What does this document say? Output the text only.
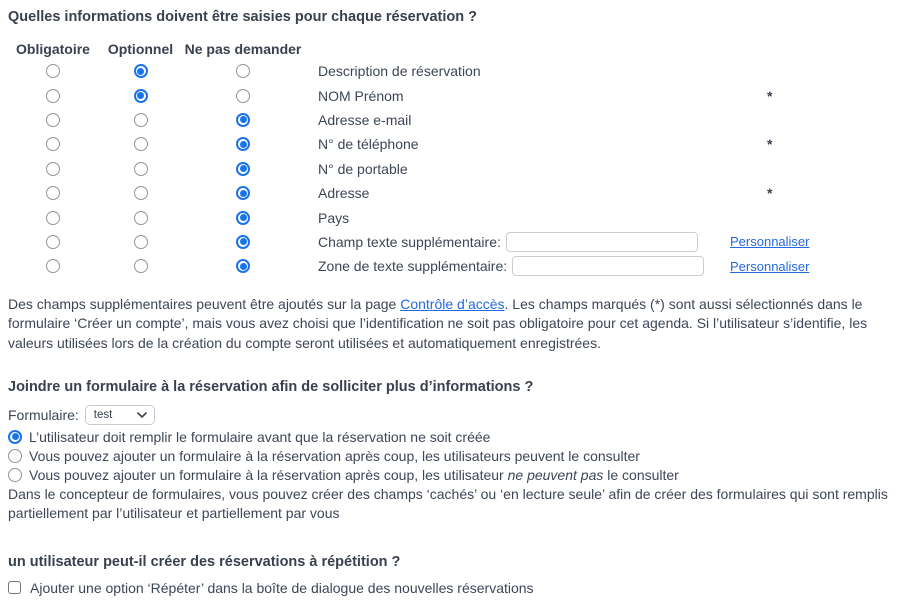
Quelles informations doivent être saisies pour chaque réservation ?
Obligatoire	Optionnel Ne pas demander
Description de réservation
NOM Prénom	*
Adresse e-mail
N° de téléphone	*
N° de portable
Adresse	*
Pays
Champ texte supplémentaire:	Personnaliser
Zone de texte supplémentaire:	Personnaliser
Des champs supplémentaires peuvent être ajoutés sur la page Contrôle d’accès. Les champs marqués (*) sont aussi sélectionnés dans le formulaire ‘Créer un compte’, mais vous avez choisi que l’identification ne soit pas obligatoire pour cet agenda. Si l’utilisateur s’identifie, les valeurs utilisées lors de la création du compte seront utilisées et automatiquement enregistrées.
Joindre un formulaire à la réservation afin de solliciter plus d’informations ?
Formulaire: test
L’utilisateur doit remplir le formulaire avant que la réservation ne soit créée
Vous pouvez ajouter un formulaire à la réservation après coup, les utilisateurs peuvent le consulter
Vous pouvez ajouter un formulaire à la réservation après coup, les utilisateur ne peuvent pas le consulter
Dans le concepteur de formulaires, vous pouvez créer des champs ‘cachés’ ou ‘en lecture seule’ afin de créer des formulaires qui sont remplis partiellement par l’utilisateur et partiellement par vous
un utilisateur peut-il créer des réservations à répétition ?
Ajouter une option ‘Répéter’ dans la boîte de dialogue des nouvelles réservations
